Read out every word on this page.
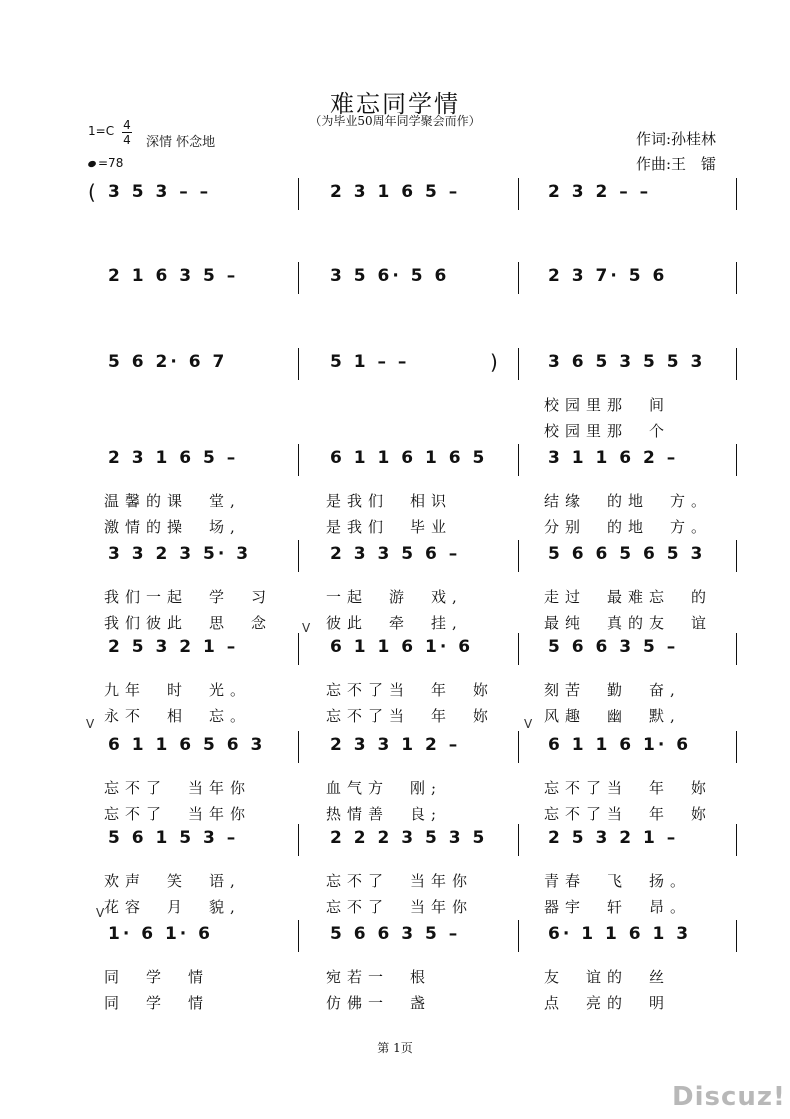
难忘同学情
（为毕业50周年同学聚会而作）
1=C 4
4 深情 怀念地
=78
作词:孙桂林
作曲:王　镭
(
)
3 5 3 – –	2 3 1 6 5 –	2 3 2 – –
2 1 6 3 5 –	3 5 6· 5 6	2 3 7· 5 6
5 6 2· 6 7	5 1 – –	3 6 5 3 5 5 3
校园里那　间
校园里那　个
2 3 1 6 5 –	6 1 1 6 1 6 5	3 1 1 6 2 –
温馨的课　堂,	是我们　相识	结缘　的地　方。
激情的操　场,	是我们　毕业	分别　的地　方。
3 3 2 3 5· 3	2 3 3 5 6 –	5 6 6 5 6 5 3
我们一起　学　习	一起　游　戏,	走过　最难忘　的
我们彼此　思　念	彼此　牵　挂,	最纯　真的友　谊
2 5 3 2 1 –	6 1 1 6 1· 6	5 6 6 3 5 –
九年　时　光。	忘不了当　年　妳	刻苦　勤　奋,
永不　相　忘。	忘不了当　年　妳	风趣　幽　默,
V
6 1 1 6 5 6 3	2 3 3 1 2 –	6 1 1 6 1· 6
忘不了　当年你	血气方　刚;	忘不了当　年　妳
忘不了　当年你	热情善　良;	忘不了当　年　妳
V	V
5 6 1 5 3 –	2 2 2 3 5 3 5	2 5 3 2 1 –
欢声　笑　语,	忘不了　当年你	青春　飞　扬。
花容　月　貌,	忘不了　当年你	器宇　轩　昂。
1· 6 1· 6	5 6 6 3 5 –	6· 1 1 6 1 3
同　学　情	宛若一　根	友　谊的　丝
同　学　情	仿佛一　盏	点　亮的　明
V
第 1页
Discuz!
